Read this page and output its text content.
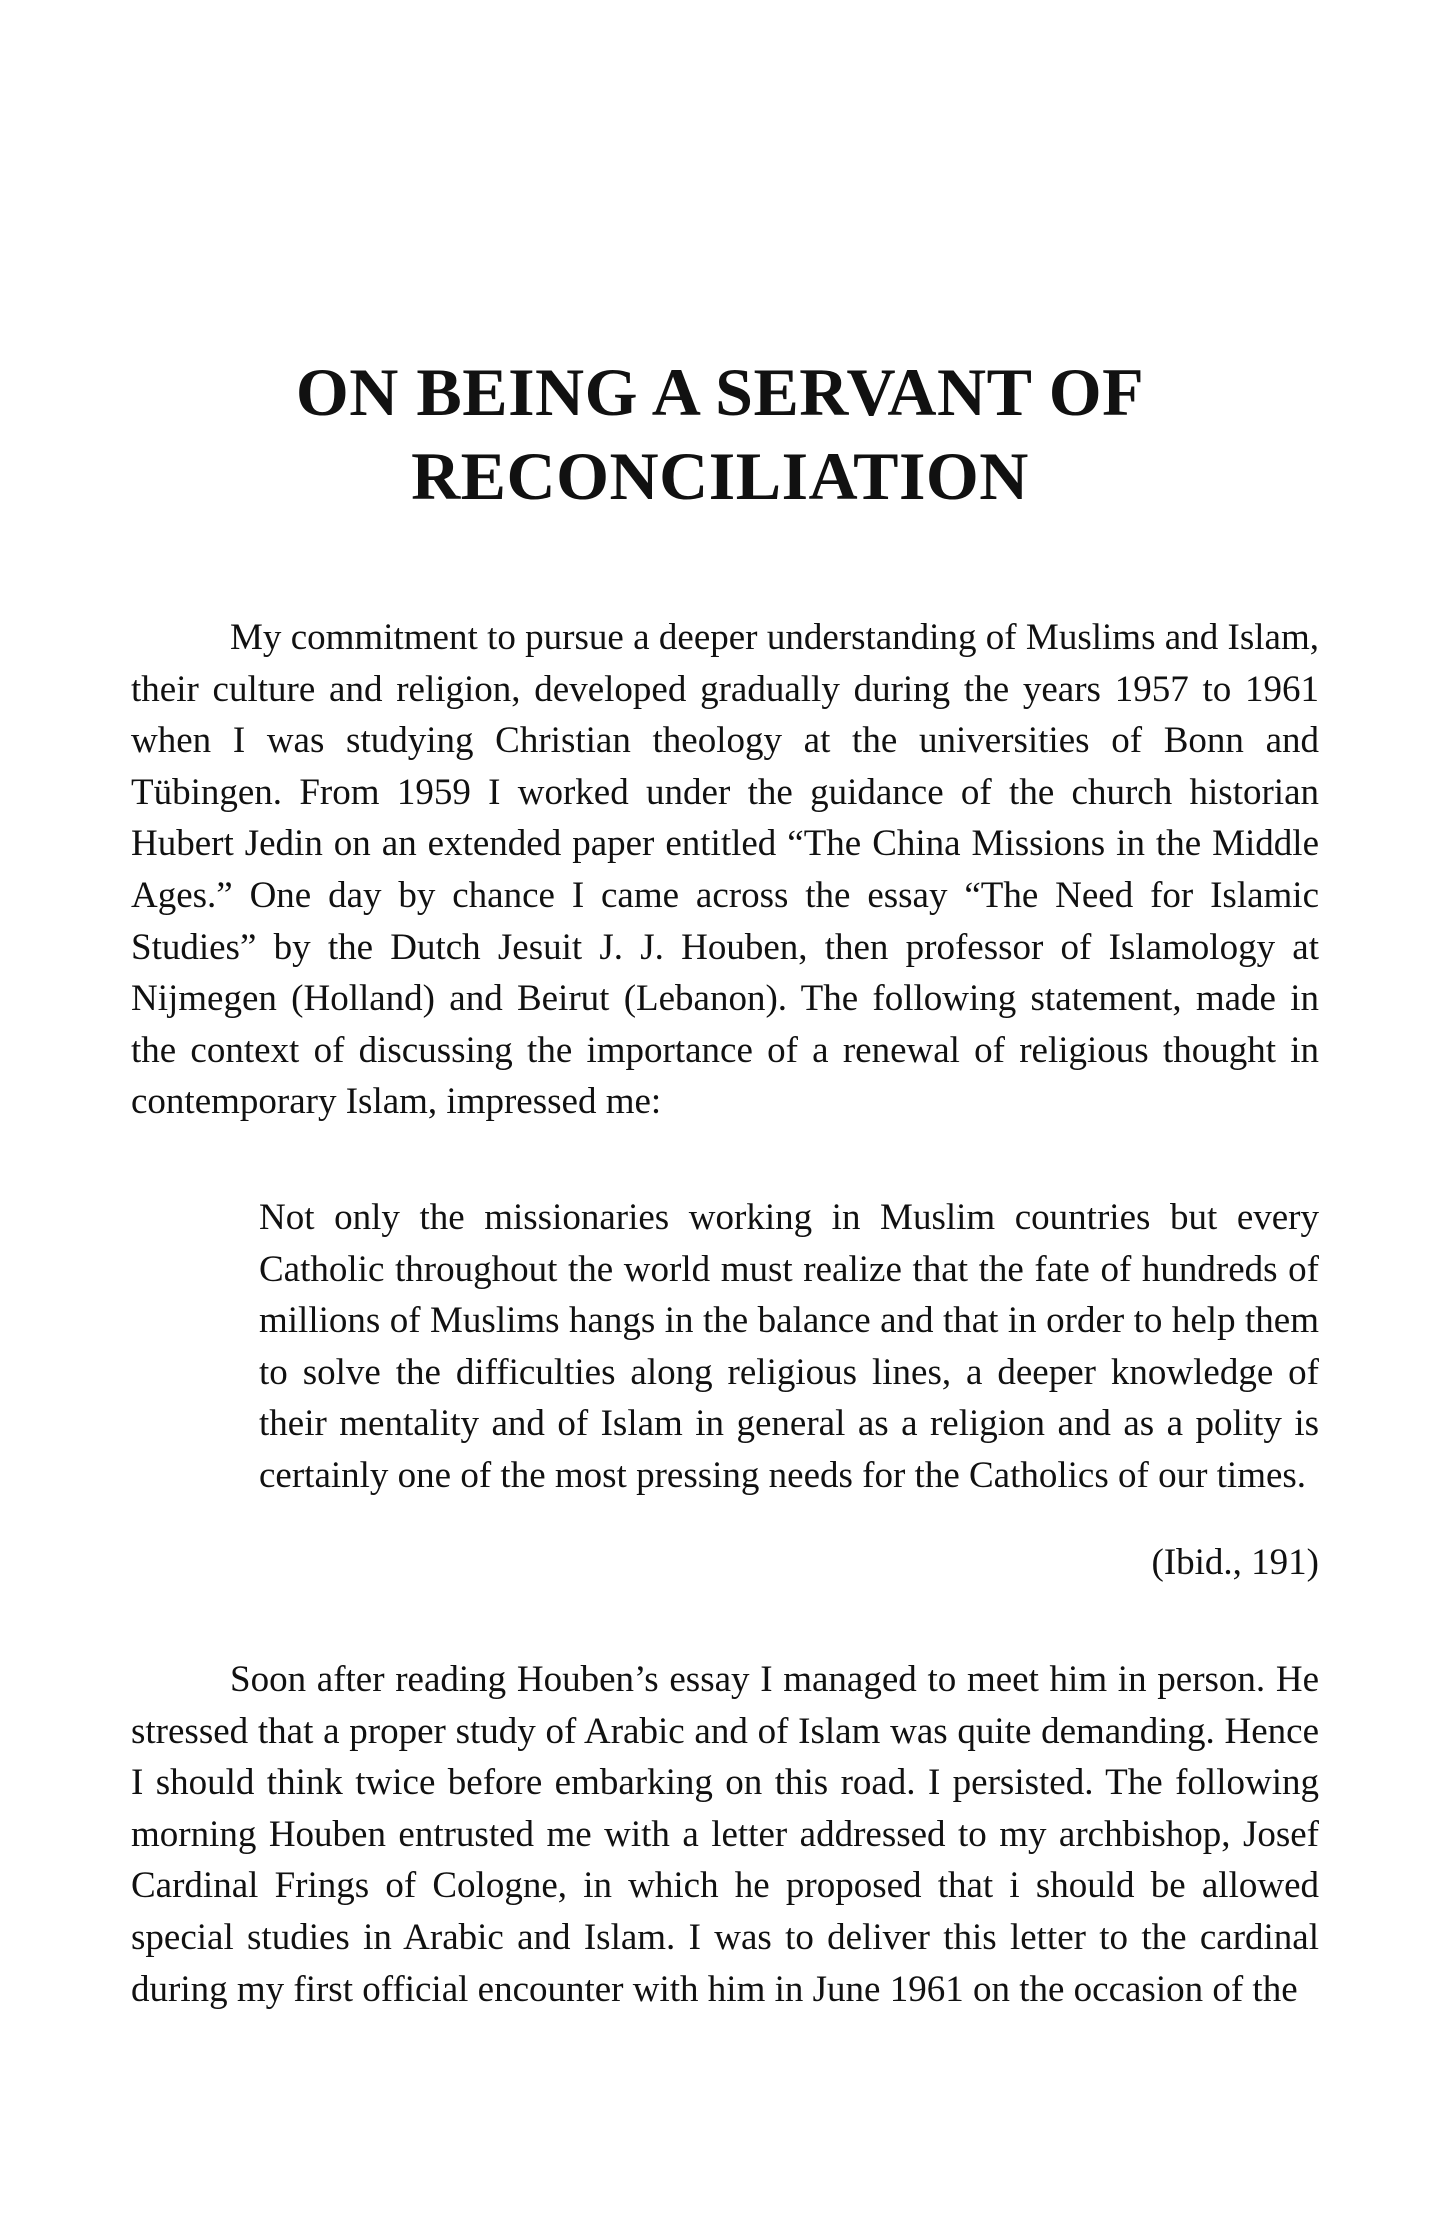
ON BEING A SERVANT OF
RECONCILIATION

My commitment to pursue a deeper understanding of Muslims and Islam, their culture and religion, developed gradually during the years 1957 to 1961 when I was studying Christian theology at the universities of Bonn and Tübingen. From 1959 I worked under the guidance of the church historian Hubert Jedin on an extended paper entitled “The China Missions in the Middle Ages.” One day by chance I came across the essay “The Need for Islamic Studies” by the Dutch Jesuit J. J. Houben, then professor of Islamology at Nijmegen (Holland) and Beirut (Lebanon). The following statement, made in the context of discussing the importance of a renewal of religious thought in contemporary Islam, impressed me:

Not only the missionaries working in Muslim countries but every Catholic throughout the world must realize that the fate of hundreds of millions of Muslims hangs in the balance and that in order to help them to solve the difficulties along religious lines, a deeper knowledge of their mentality and of Islam in general as a religion and as a polity is certainly one of the most pressing needs for the Catholics of our times.

(Ibid., 191)

Soon after reading Houben’s essay I managed to meet him in person. He stressed that a proper study of Arabic and of Islam was quite demanding. Hence I should think twice before embarking on this road. I persisted. The following morning Houben entrusted me with a letter addressed to my archbishop, Josef Cardinal Frings of Cologne, in which he proposed that i should be allowed special studies in Arabic and Islam. I was to deliver this letter to the cardinal during my first official encounter with him in June 1961 on the occasion of the
